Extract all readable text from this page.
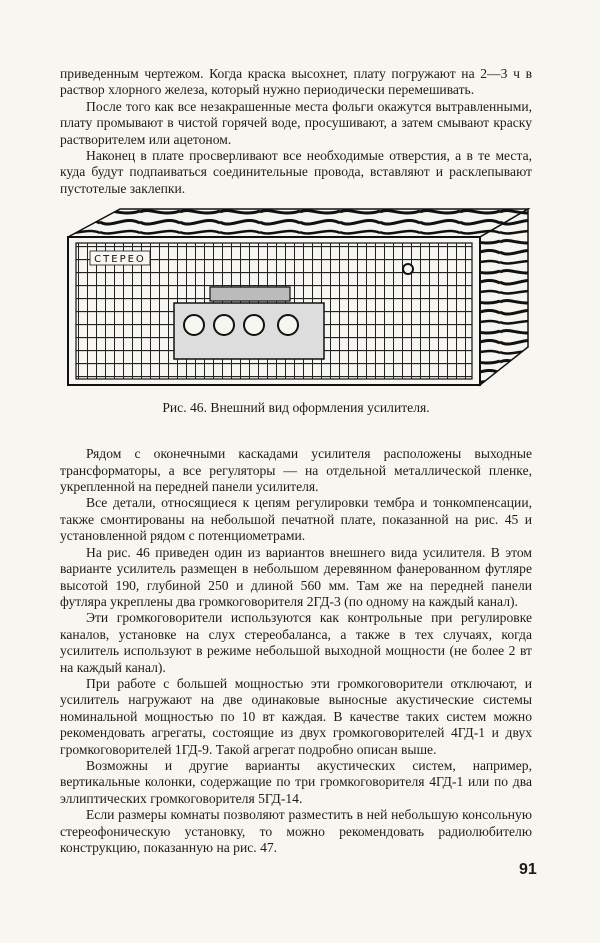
приведенным чертежом. Когда краска высохнет, плату погружают на 2—3 ч в раствор хлорного железа, который нужно периодически перемешивать.

После того как все незакрашенные места фольги окажутся вытравленными, плату промывают в чистой горячей воде, просушивают, а затем смывают краску растворителем или ацетоном.

Наконец в плате просверливают все необходимые отверстия, а в те места, куда будут подпаиваться соединительные провода, вставляют и расклепывают пустотелые заклепки.

СТЕРЕО
Рис. 46. Внешний вид оформления усилителя.

Рядом с оконечными каскадами усилителя расположены выходные трансформаторы, а все регуляторы — на отдельной металлической пленке, укрепленной на передней панели усилителя.

Все детали, относящиеся к цепям регулировки тембра и тонкомпенсации, также смонтированы на небольшой печатной плате, показанной на рис. 45 и установленной рядом с потенциометрами.

На рис. 46 приведен один из вариантов внешнего вида усилителя. В этом варианте усилитель размещен в небольшом деревянном фанерованном футляре высотой 190, глубиной 250 и длиной 560 мм. Там же на передней панели футляра укреплены два громкоговорителя 2ГД-3 (по одному на каждый канал).

Эти громкоговорители используются как контрольные при регулировке каналов, установке на слух стереобаланса, а также в тех случаях, когда усилитель используют в режиме небольшой выходной мощности (не более 2 вт на каждый канал).

При работе с большей мощностью эти громкоговорители отключают, и усилитель нагружают на две одинаковые выносные акустические системы номинальной мощностью по 10 вт каждая. В качестве таких систем можно рекомендовать агрегаты, состоящие из двух громкоговорителей 4ГД-1 и двух громкоговорителей 1ГД-9. Такой агрегат подробно описан выше.

Возможны и другие варианты акустических систем, например, вертикальные колонки, содержащие по три громкоговорителя 4ГД-1 или по два эллиптических громкоговорителя 5ГД-14.

Если размеры комнаты позволяют разместить в ней небольшую консольную стереофоническую установку, то можно рекомендовать радиолюбителю конструкцию, показанную на рис. 47.

91
